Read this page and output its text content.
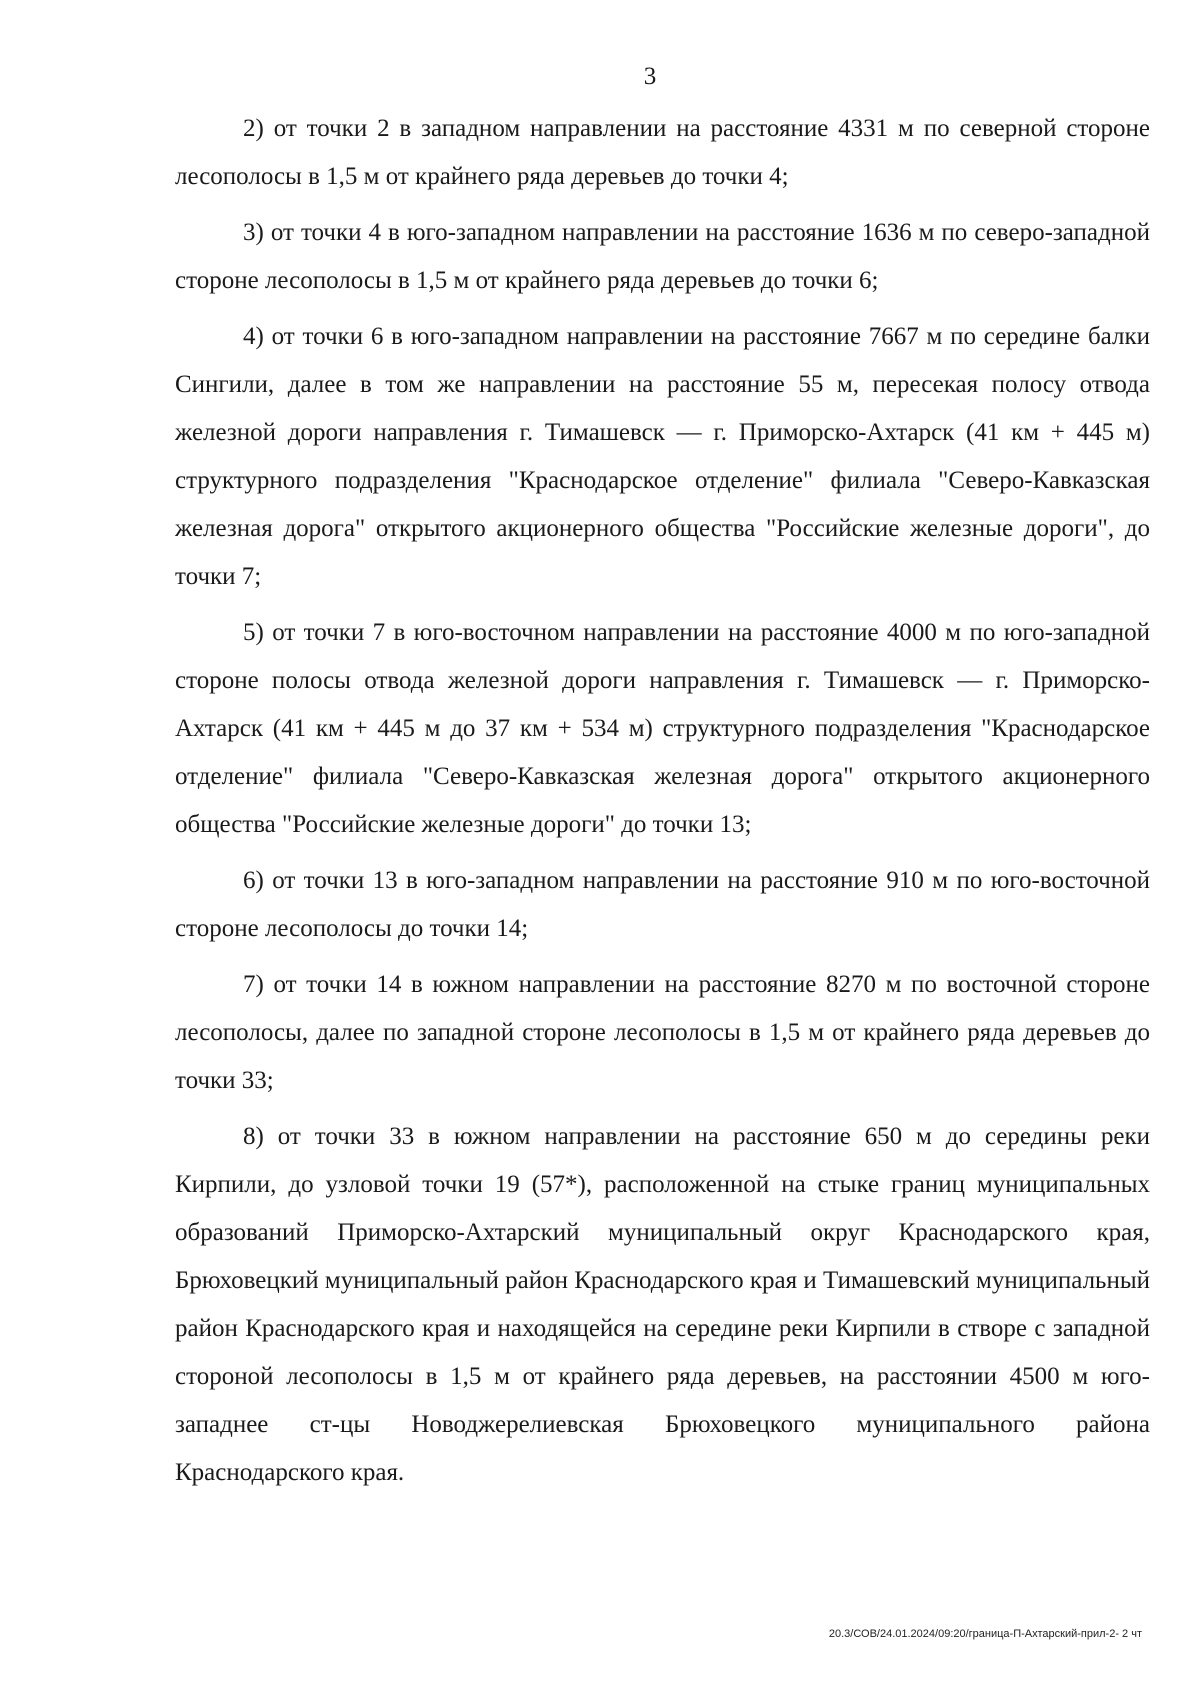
3

2) от точки 2 в западном направлении на расстояние 4331 м по северной стороне лесополосы в 1,5 м от крайнего ряда деревьев до точки 4;

3) от точки 4 в юго-западном направлении на расстояние 1636 м по северо-западной стороне лесополосы в 1,5 м от крайнего ряда деревьев до точки 6;

4) от точки 6 в юго-западном направлении на расстояние 7667 м по середине балки Сингили, далее в том же направлении на расстояние 55 м, пересекая полосу отвода железной дороги направления г. Тимашевск — г. Приморско-Ахтарск (41 км + 445 м) структурного подразделения "Краснодарское отделение" филиала "Северо-Кавказская железная дорога" открытого акционерного общества "Российские железные дороги", до точки 7;

5) от точки 7 в юго-восточном направлении на расстояние 4000 м по юго-западной стороне полосы отвода железной дороги направления г. Тимашевск — г. Приморско-Ахтарск (41 км + 445 м до 37 км + 534 м) структурного подразделения "Краснодарское отделение" филиала "Северо-Кавказская железная дорога" открытого акционерного общества "Российские железные дороги" до точки 13;

6) от точки 13 в юго-западном направлении на расстояние 910 м по юго-восточной стороне лесополосы до точки 14;

7) от точки 14 в южном направлении на расстояние 8270 м по восточной стороне лесополосы, далее по западной стороне лесополосы в 1,5 м от крайнего ряда деревьев до точки 33;

8) от точки 33 в южном направлении на расстояние 650 м до середины реки Кирпили, до узловой точки 19 (57*), расположенной на стыке границ муниципальных образований Приморско-Ахтарский муниципальный округ Краснодарского края, Брюховецкий муниципальный район Краснодарского края и Тимашевский муниципальный район Краснодарского края и находящейся на середине реки Кирпили в створе с западной стороной лесополосы в 1,5 м от крайнего ряда деревьев, на расстоянии 4500 м юго-западнее ст-цы Новоджерелиевская Брюховецкого муниципального района Краснодарского края.

20.3/СОВ/24.01.2024/09:20/граница-П-Ахтарский-прил-2- 2 чт
